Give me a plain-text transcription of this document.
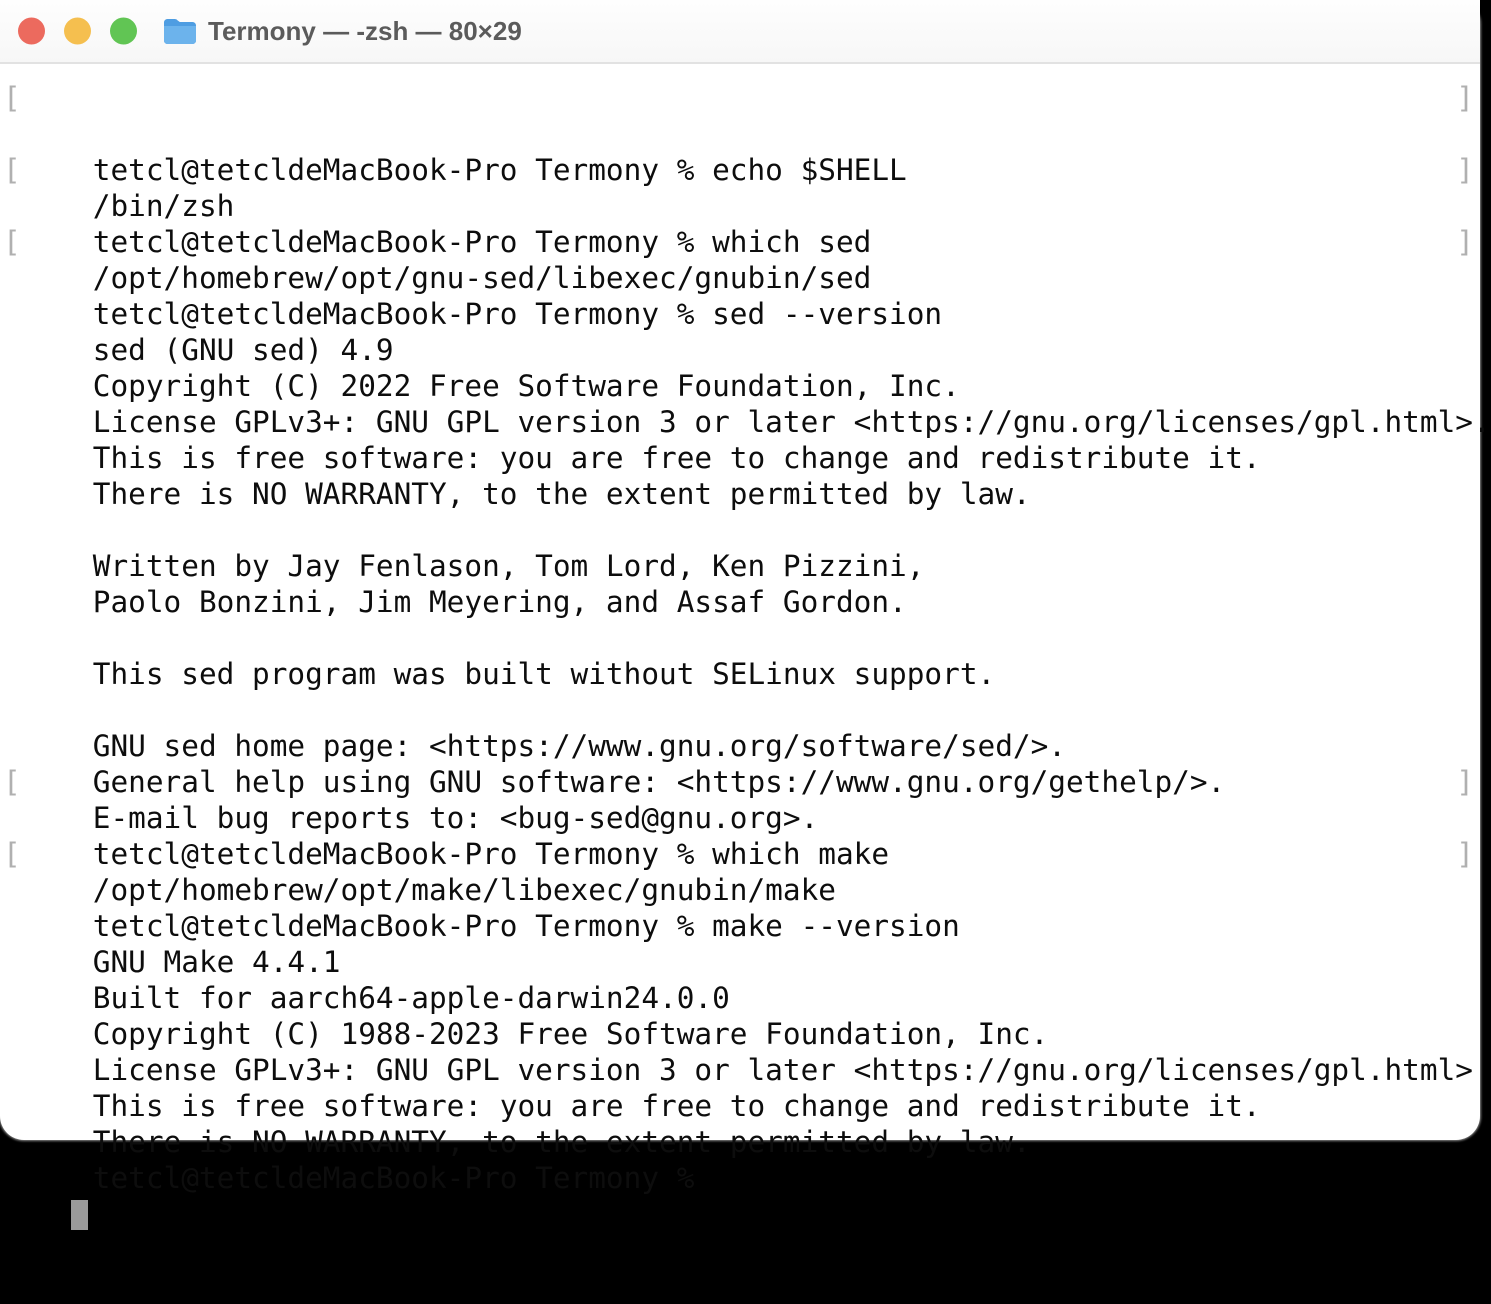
Termony — -zsh — 80×29

[

tetcl@tetcldeMacBook-Pro Termony % echo $SHELL

]

/bin/zsh

[

tetcl@tetcldeMacBook-Pro Termony % which sed

]

/opt/homebrew/opt/gnu-sed/libexec/gnubin/sed

[

tetcl@tetcldeMacBook-Pro Termony % sed --version

]

sed (GNU sed) 4.9

Copyright (C) 2022 Free Software Foundation, Inc.

License GPLv3+: GNU GPL version 3 or later <https://gnu.org/licenses/gpl.html>.

This is free software: you are free to change and redistribute it.

There is NO WARRANTY, to the extent permitted by law.

Written by Jay Fenlason, Tom Lord, Ken Pizzini,

Paolo Bonzini, Jim Meyering, and Assaf Gordon.

This sed program was built without SELinux support.

GNU sed home page: <https://www.gnu.org/software/sed/>.

General help using GNU software: <https://www.gnu.org/gethelp/>.

E-mail bug reports to: <bug-sed@gnu.org>.

[

tetcl@tetcldeMacBook-Pro Termony % which make

]

/opt/homebrew/opt/make/libexec/gnubin/make

[

tetcl@tetcldeMacBook-Pro Termony % make --version

]

GNU Make 4.4.1

Built for aarch64-apple-darwin24.0.0

Copyright (C) 1988-2023 Free Software Foundation, Inc.

License GPLv3+: GNU GPL version 3 or later <https://gnu.org/licenses/gpl.html>

This is free software: you are free to change and redistribute it.

There is NO WARRANTY, to the extent permitted by law.

tetcl@tetcldeMacBook-Pro Termony %
